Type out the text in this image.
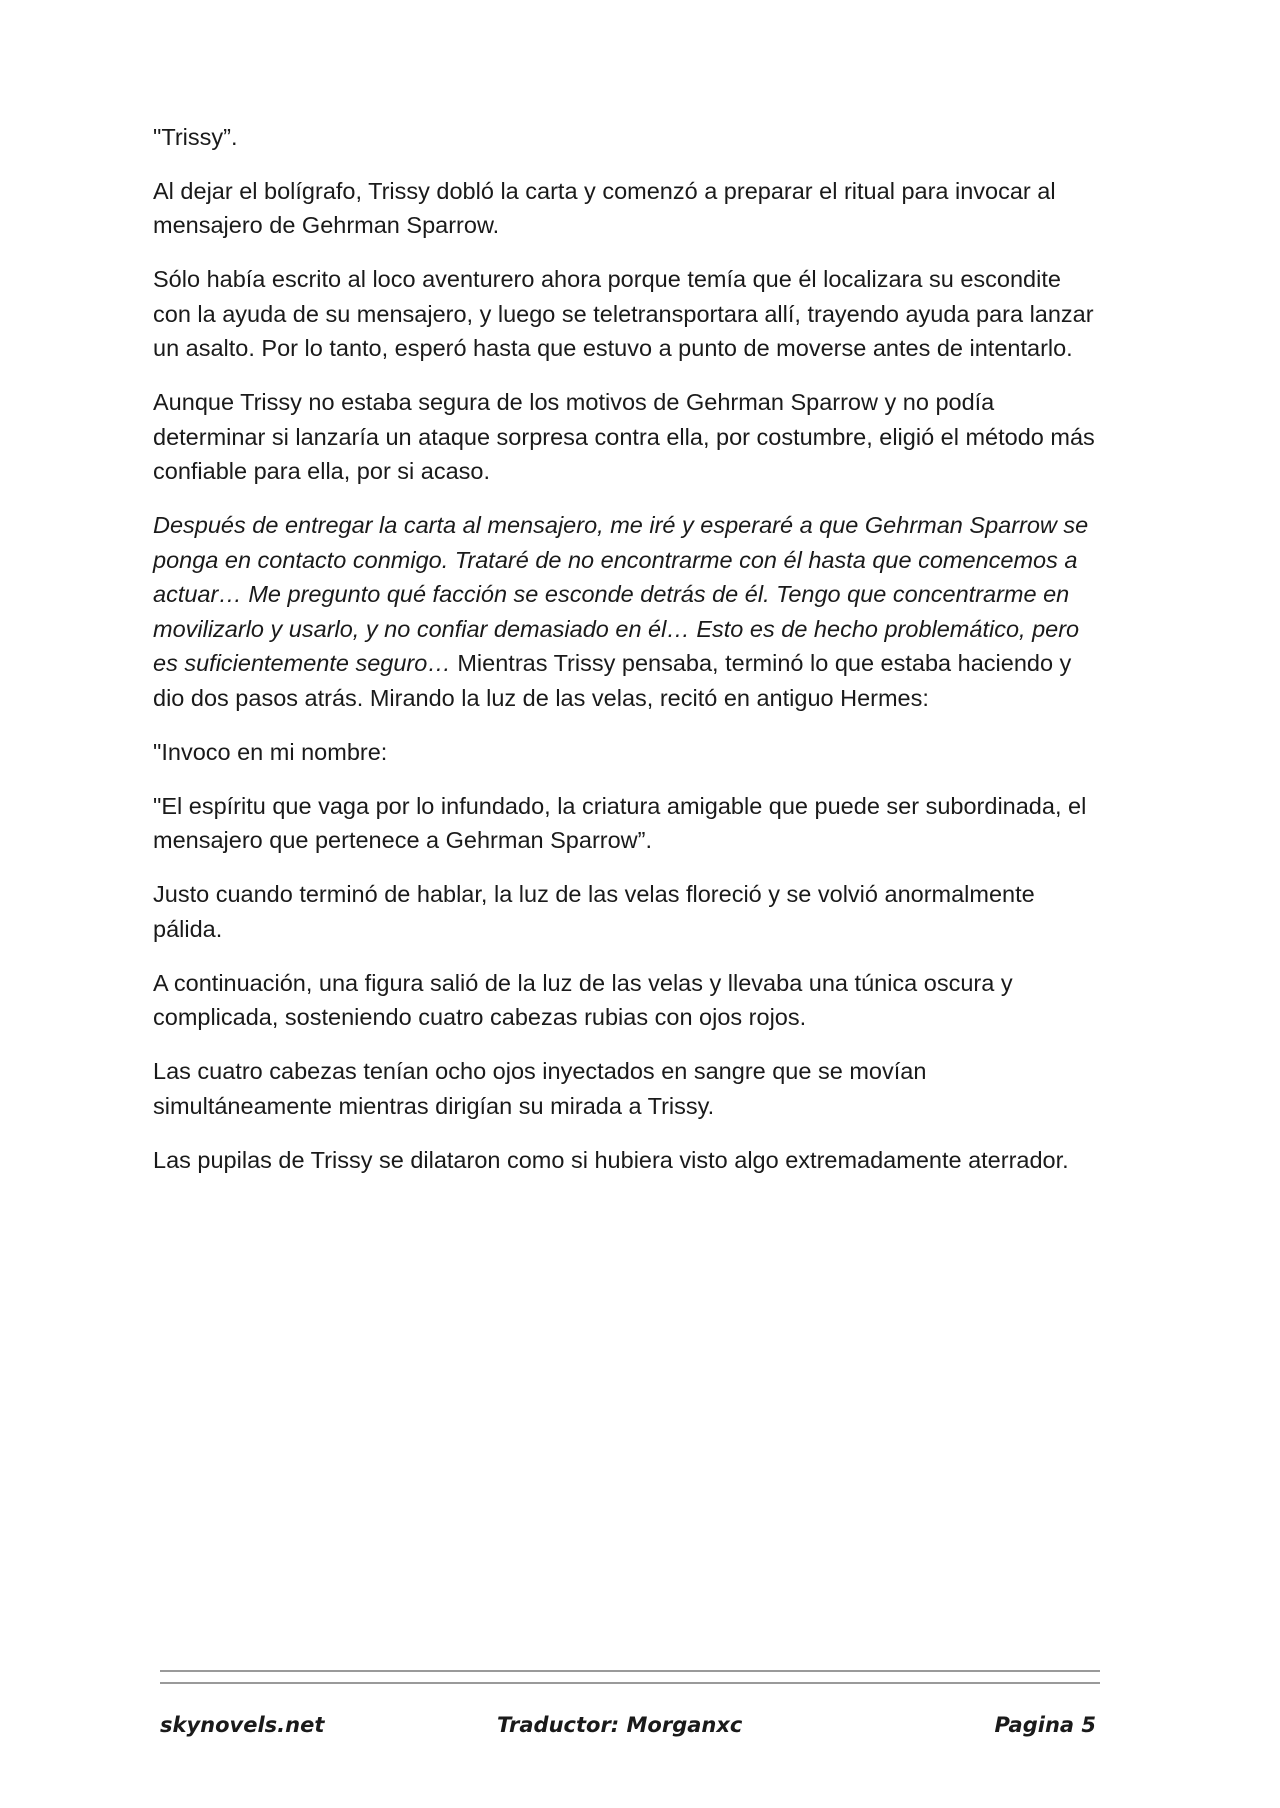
"Trissy”.

Al dejar el bolígrafo, Trissy dobló la carta y comenzó a preparar el ritual para invocar al mensajero de Gehrman Sparrow.

Sólo había escrito al loco aventurero ahora porque temía que él localizara su escondite con la ayuda de su mensajero, y luego se teletransportara allí, trayendo ayuda para lanzar un asalto. Por lo tanto, esperó hasta que estuvo a punto de moverse antes de intentarlo.

Aunque Trissy no estaba segura de los motivos de Gehrman Sparrow y no podía determinar si lanzaría un ataque sorpresa contra ella, por costumbre, eligió el método más confiable para ella, por si acaso.

Después de entregar la carta al mensajero, me iré y esperaré a que Gehrman Sparrow se ponga en contacto conmigo. Trataré de no encontrarme con él hasta que comencemos a actuar… Me pregunto qué facción se esconde detrás de él. Tengo que concentrarme en movilizarlo y usarlo, y no confiar demasiado en él… Esto es de hecho problemático, pero es suficientemente seguro… Mientras Trissy pensaba, terminó lo que estaba haciendo y dio dos pasos atrás. Mirando la luz de las velas, recitó en antiguo Hermes:

"Invoco en mi nombre:

"El espíritu que vaga por lo infundado, la criatura amigable que puede ser subordinada, el mensajero que pertenece a Gehrman Sparrow”.

Justo cuando terminó de hablar, la luz de las velas floreció y se volvió anormalmente pálida.

A continuación, una figura salió de la luz de las velas y llevaba una túnica oscura y complicada, sosteniendo cuatro cabezas rubias con ojos rojos.

Las cuatro cabezas tenían ocho ojos inyectados en sangre que se movían simultáneamente mientras dirigían su mirada a Trissy.

Las pupilas de Trissy se dilataron como si hubiera visto algo extremadamente aterrador.

skynovels.net	Traductor: Morganxc	Pagina 5
